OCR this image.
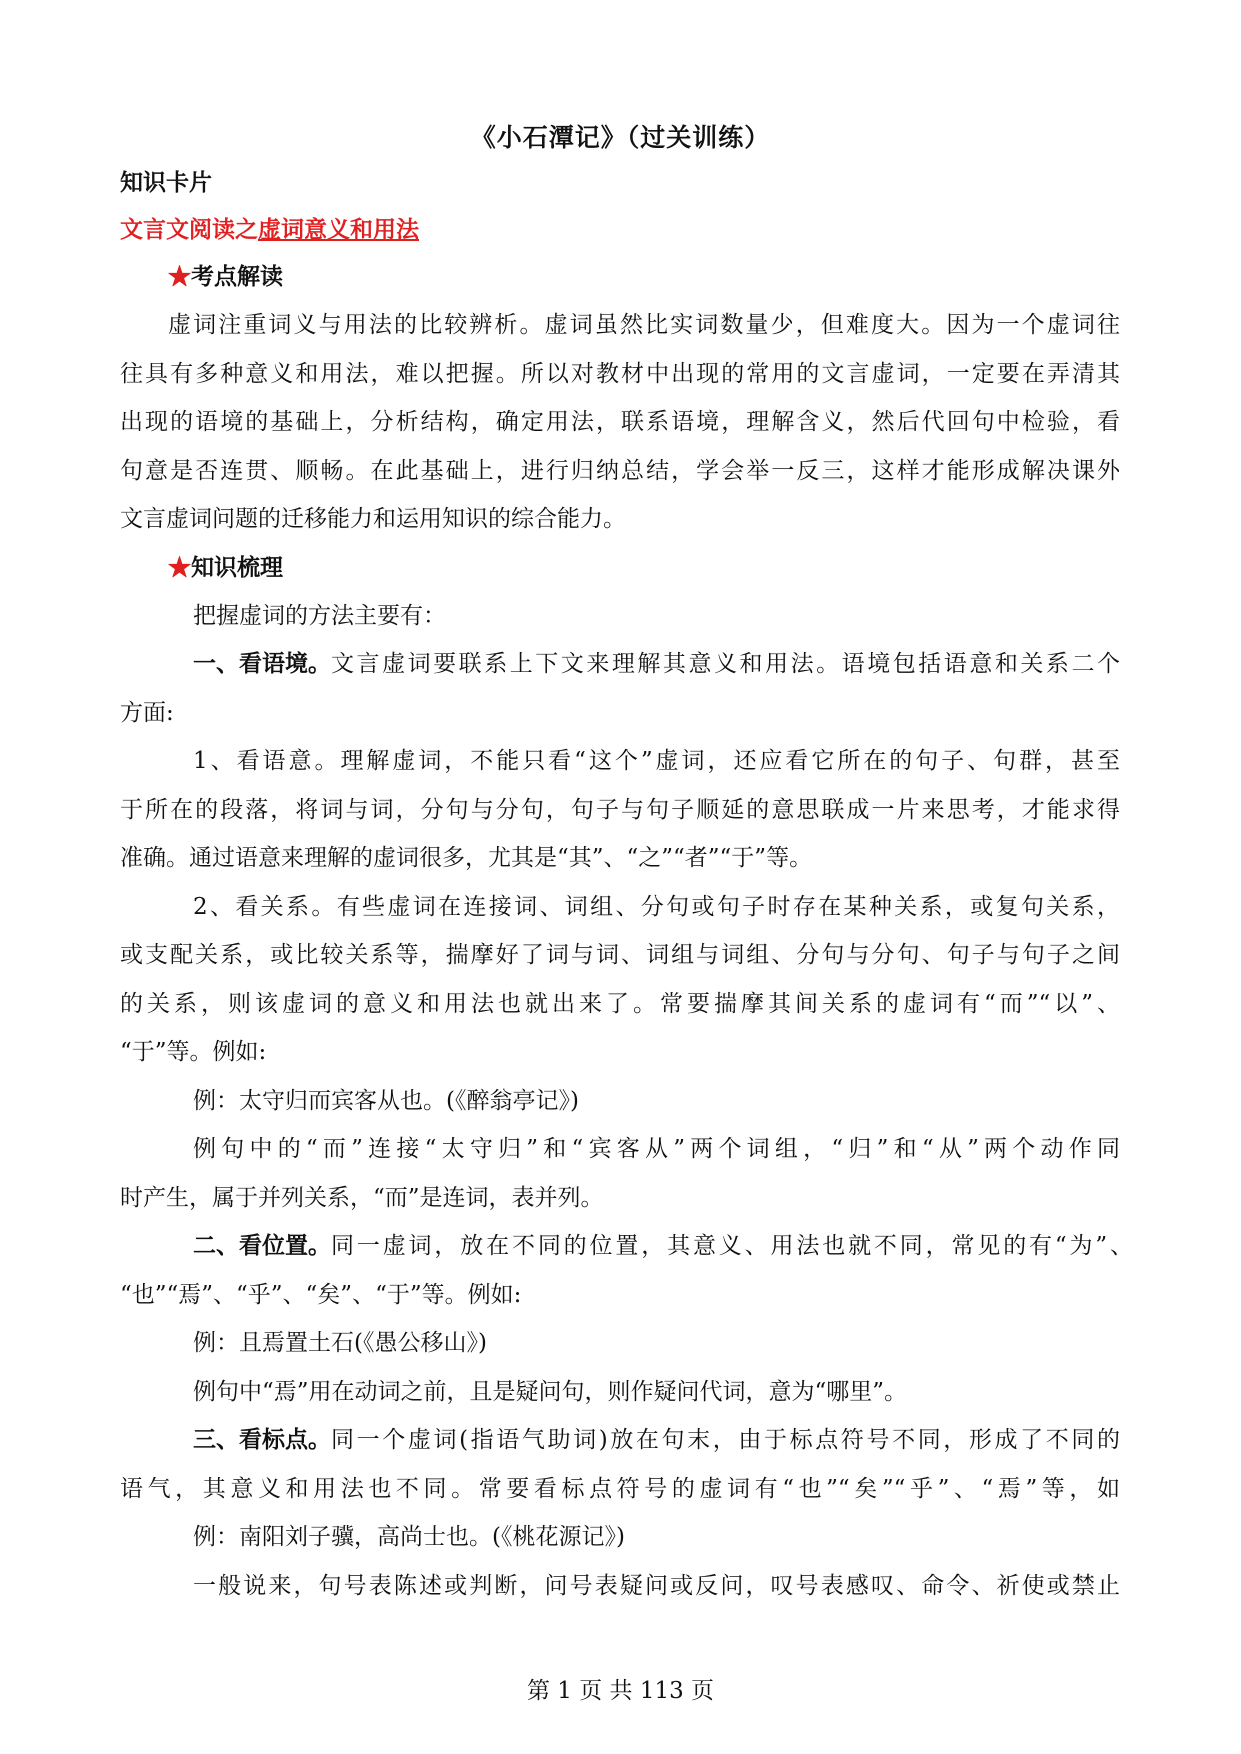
《小石潭记》（过关训练）
知识卡片
文言文阅读之虚词意义和用法
★考点解读
虚词注重词义与用法的比较辨析。虚词虽然比实词数量少，但难度大。因为一个虚词往
往具有多种意义和用法，难以把握。所以对教材中出现的常用的文言虚词，一定要在弄清其
出现的语境的基础上，分析结构，确定用法，联系语境，理解含义，然后代回句中检验，看
句意是否连贯、顺畅。在此基础上，进行归纳总结，学会举一反三，这样才能形成解决课外
文言虚词问题的迁移能力和运用知识的综合能力。
★知识梳理
把握虚词的方法主要有：
一、看语境。 文言虚词要联系上下文来理解其意义和用法。语境包括语意和关系二个
方面:
1、看语意。理解虚词，不能只看“这个”虚词，还应看它所在的句子、句群，甚至
于所在的段落，将词与词，分句与分句，句子与句子顺延的意思联成一片来思考，才能求得
准确。通过语意来理解的虚词很多，尤其是“其”、“之”“者”“于”等。
2、看关系。有些虚词在连接词、词组、分句或句子时存在某种关系，或复句关系，
或支配关系，或比较关系等，揣摩好了词与词、词组与词组、分句与分句、句子与句子之间
的关系，则该虚词的意义和用法也就出来了。常要揣摩其间关系的虚词有“而”“以”、
“于”等。例如:
例：太守归而宾客从也。(《醉翁亭记》)
例句中的“而”连接“太守归”和“宾客从”两个词组，“归”和“从”两个动作同
时产生，属于并列关系，“而”是连词，表并列。
二、看位置。 同一虚词，放在不同的位置，其意义、用法也就不同，常见的有“为”、
“也”“焉”、“乎”、“矣”、“于”等。例如:
例：且焉置土石(《愚公移山》)
例句中“焉”用在动词之前，且是疑问句，则作疑问代词，意为“哪里”。
三、看标点。 同一个虚词(指语气助词)放在句末，由于标点符号不同，形成了不同的
语气，其意义和用法也不同。常要看标点符号的虚词有“也”“矣”“乎”、“焉”等，如
例：南阳刘子骥，高尚士也。(《桃花源记》)
一般说来，句号表陈述或判断，问号表疑问或反问，叹号表感叹、命令、祈使或禁止
第 1 页 共 113 页
